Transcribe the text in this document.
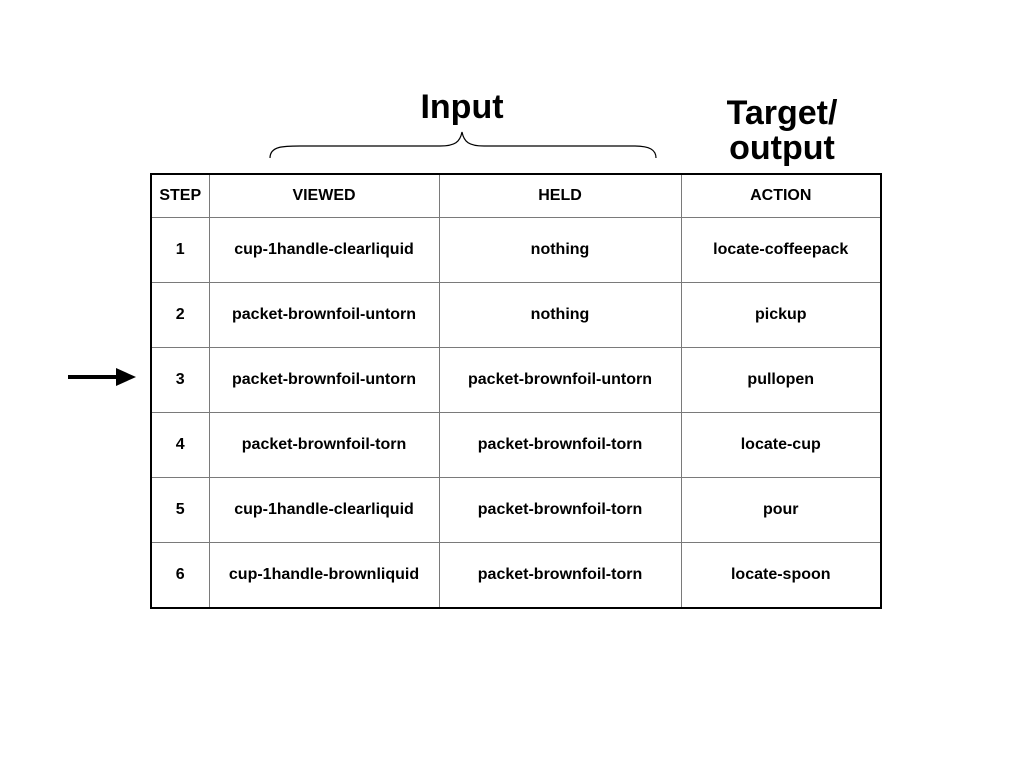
Input	Target/
output
STEP	VIEWED	HELD	ACTION
1	cup-1handle-clearliquid	nothing	locate-coffeepack
2	packet-brownfoil-untorn	nothing	pickup
3	packet-brownfoil-untorn	packet-brownfoil-untorn	pullopen
4	packet-brownfoil-torn	packet-brownfoil-torn	locate-cup
5	cup-1handle-clearliquid	packet-brownfoil-torn	pour
6	cup-1handle-brownliquid	packet-brownfoil-torn	locate-spoon
